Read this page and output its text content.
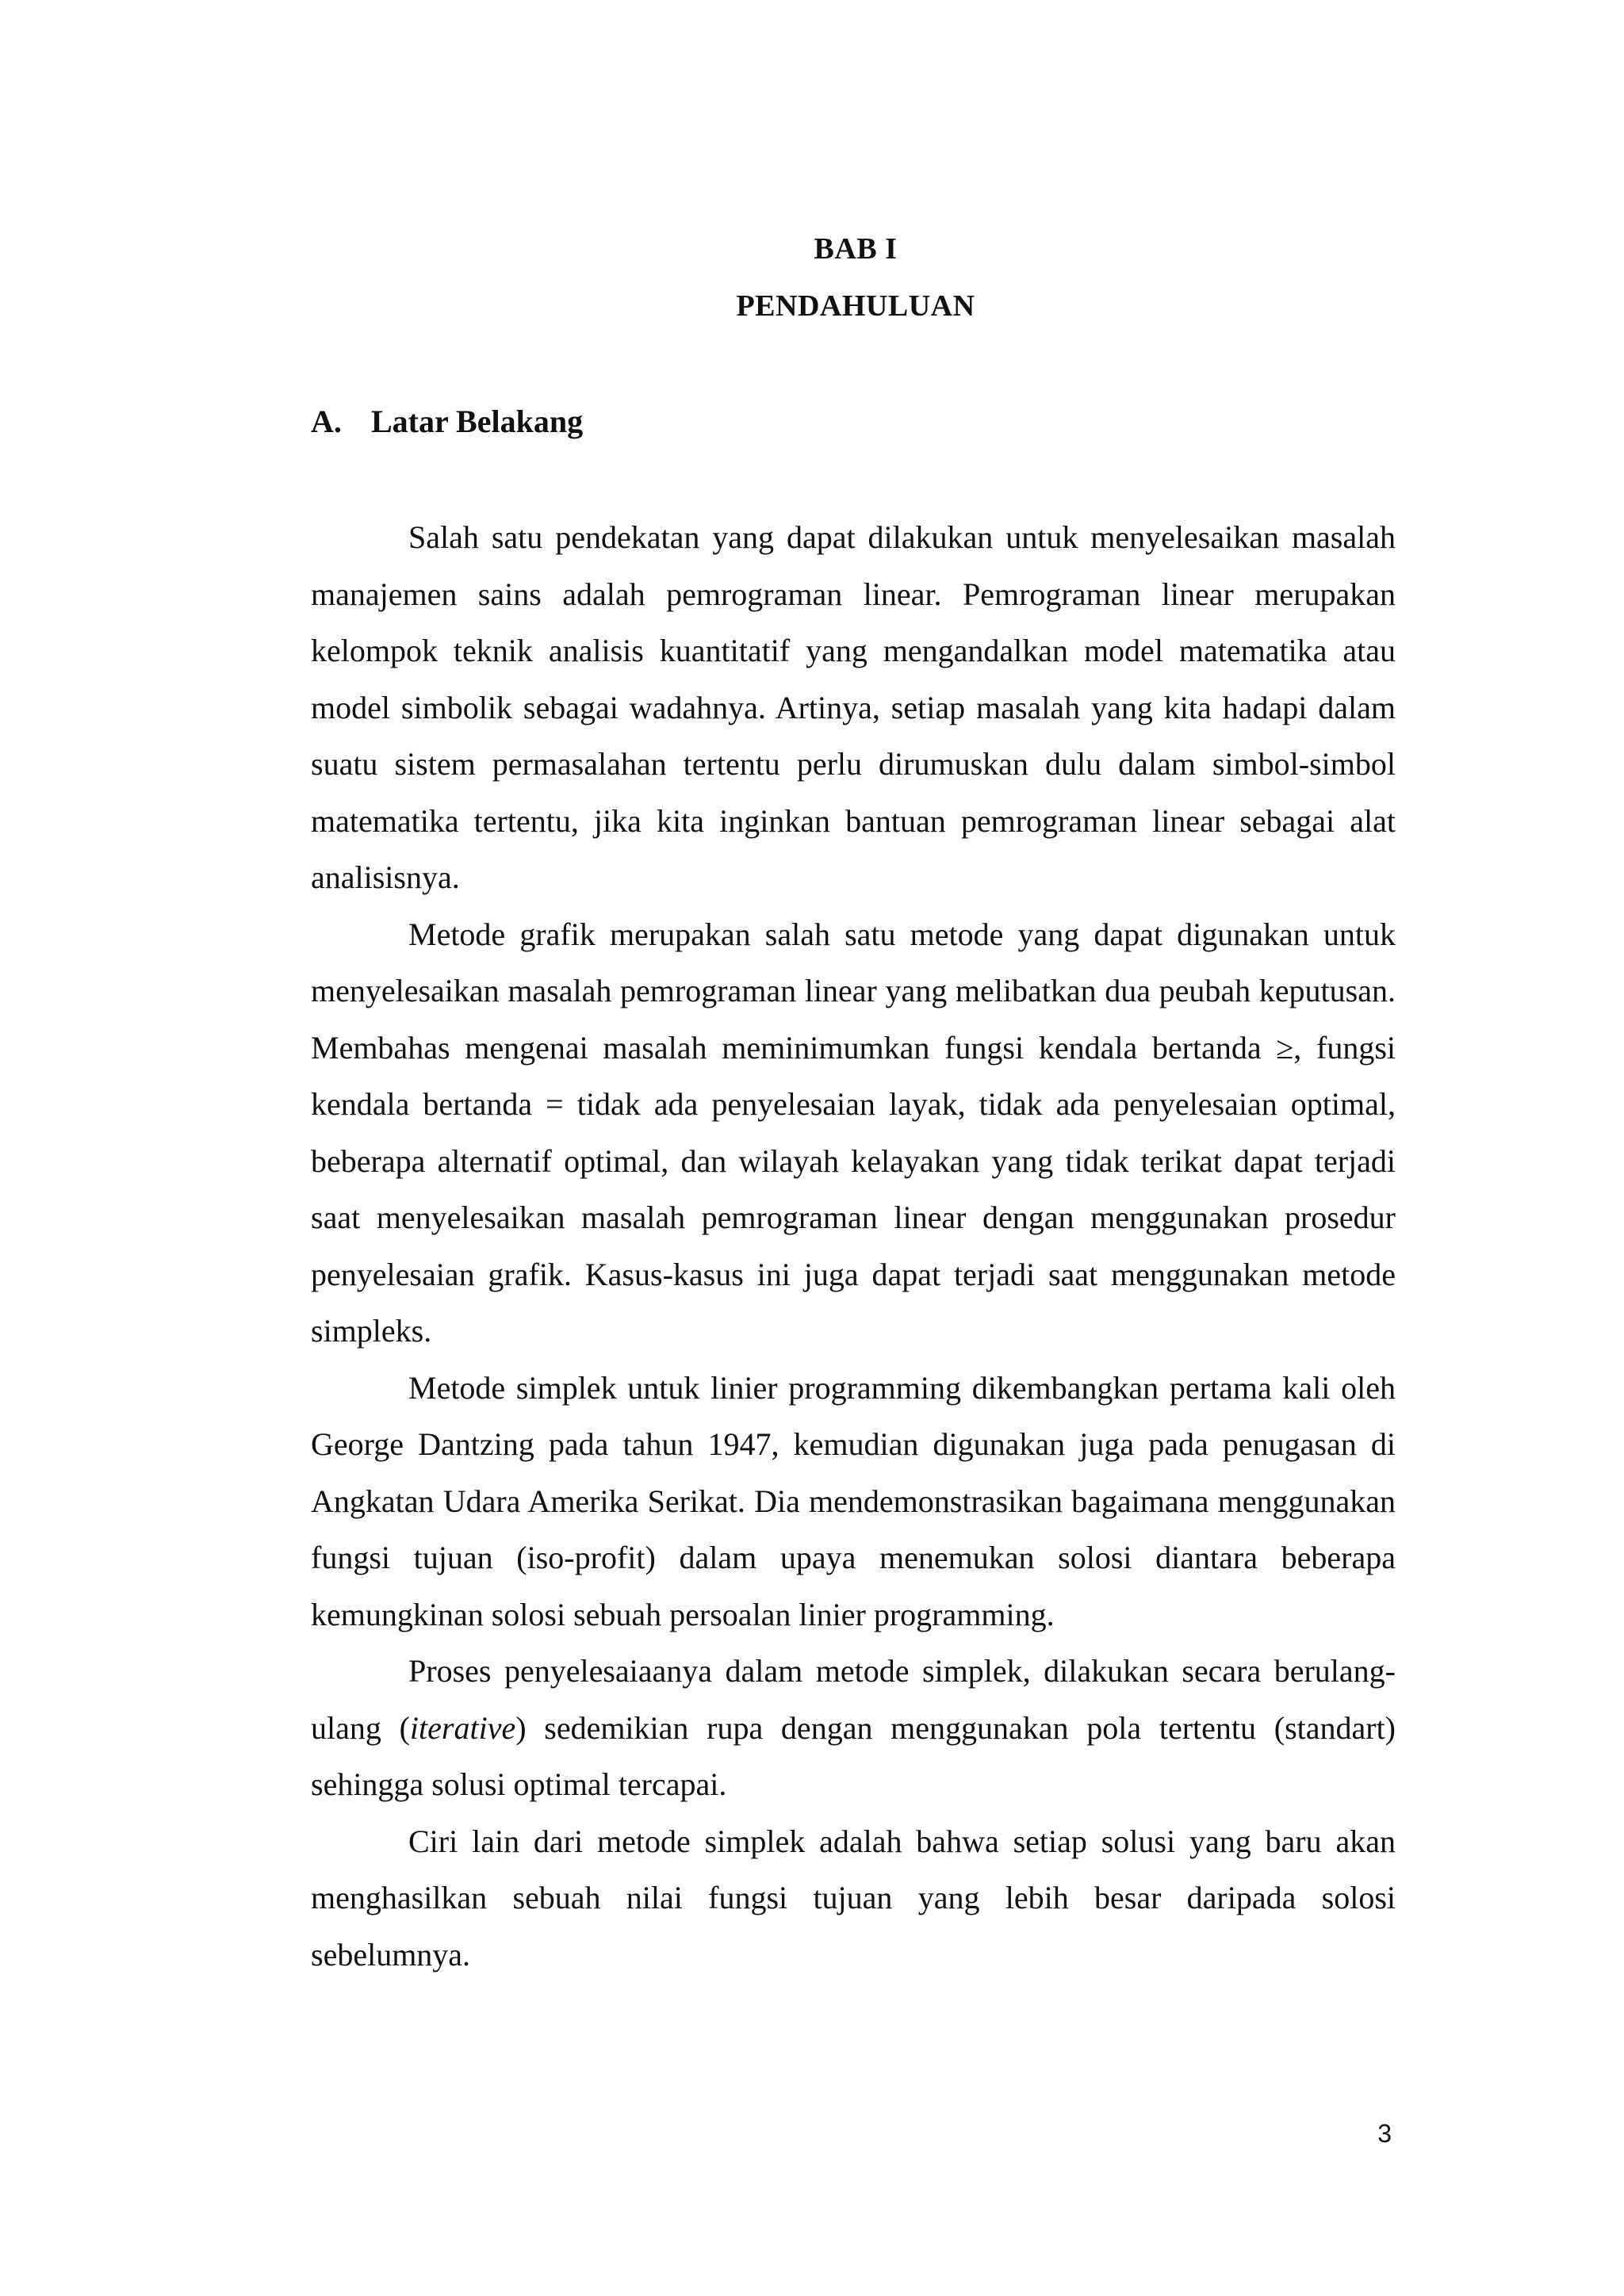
BAB I
PENDAHULUAN
A. Latar Belakang

Salah satu pendekatan yang dapat dilakukan untuk menyelesaikan masalah manajemen sains adalah pemrograman linear. Pemrograman linear merupakan kelompok teknik analisis kuantitatif yang mengandalkan model matematika atau model simbolik sebagai wadahnya. Artinya, setiap masalah yang kita hadapi dalam suatu sistem permasalahan tertentu perlu dirumuskan dulu dalam simbol-simbol matematika tertentu, jika kita inginkan bantuan pemrograman linear sebagai alat analisisnya.

Metode grafik merupakan salah satu metode yang dapat digunakan untuk menyelesaikan masalah pemrograman linear yang melibatkan dua peubah keputusan. Membahas mengenai masalah meminimumkan fungsi kendala bertanda ≥, fungsi kendala bertanda = tidak ada penyelesaian layak, tidak ada penyelesaian optimal, beberapa alternatif optimal, dan wilayah kelayakan yang tidak terikat dapat terjadi saat menyelesaikan masalah pemrograman linear dengan menggunakan prosedur penyelesaian grafik. Kasus-kasus ini juga dapat terjadi saat menggunakan metode simpleks.

Metode simplek untuk linier programming dikembangkan pertama kali oleh George Dantzing pada tahun 1947, kemudian digunakan juga pada penugasan di Angkatan Udara Amerika Serikat. Dia mendemonstrasikan bagaimana menggunakan fungsi tujuan (iso-profit) dalam upaya menemukan solosi diantara beberapa kemungkinan solosi sebuah persoalan linier programming.

Proses penyelesaiaanya dalam metode simplek, dilakukan secara berulang-ulang (iterative) sedemikian rupa dengan menggunakan pola tertentu (standart) sehingga solusi optimal tercapai.

Ciri lain dari metode simplek adalah bahwa setiap solusi yang baru akan menghasilkan sebuah nilai fungsi tujuan yang lebih besar daripada solosi sebelumnya.

3
